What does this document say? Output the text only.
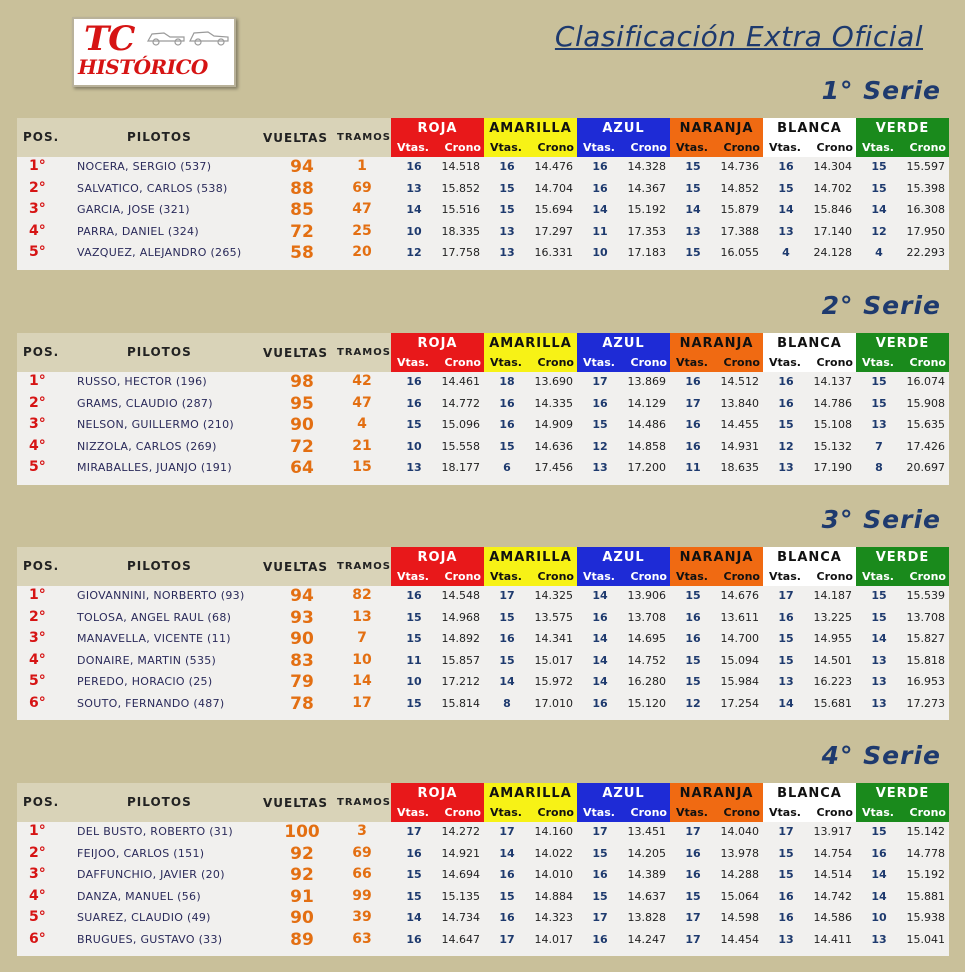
TC
HISTÓRICO
Clasificación Extra Oficial
1° Serie
POS.	PILOTOS	VUELTAS TRAMOS
ROJA
Vtas. Crono
AMARILLA
Vtas. Crono
AZUL
Vtas. Crono
NARANJA
Vtas. Crono
BLANCA
Vtas. Crono
VERDE
Vtas. Crono
1°	NOCERA, SERGIO (537)	94	1	16	14.518	16	14.476	16	14.328	15	14.736	16	14.304	15	15.597
2°	SALVATICO, CARLOS (538)	88	69	13	15.852	15	14.704	16	14.367	15	14.852	15	14.702	15	15.398
3°	GARCIA, JOSE (321)	85	47	14	15.516	15	15.694	14	15.192	14	15.879	14	15.846	14	16.308
4°	PARRA, DANIEL (324)	72	25	10	18.335	13	17.297	11	17.353	13	17.388	13	17.140	12	17.950
5°	VAZQUEZ, ALEJANDRO (265)	58	20	12	17.758	13	16.331	10	17.183	15	16.055	4	24.128	4	22.293
2° Serie
POS.	PILOTOS	VUELTAS TRAMOS
ROJA
Vtas. Crono
AMARILLA
Vtas. Crono
AZUL
Vtas. Crono
NARANJA
Vtas. Crono
BLANCA
Vtas. Crono
VERDE
Vtas. Crono
1°	RUSSO, HECTOR (196)	98	42	16	14.461	18	13.690	17	13.869	16	14.512	16	14.137	15	16.074
2°	GRAMS, CLAUDIO (287)	95	47	16	14.772	16	14.335	16	14.129	17	13.840	16	14.786	15	15.908
3°	NELSON, GUILLERMO (210)	90	4	15	15.096	16	14.909	15	14.486	16	14.455	15	15.108	13	15.635
4°	NIZZOLA, CARLOS (269)	72	21	10	15.558	15	14.636	12	14.858	16	14.931	12	15.132	7	17.426
5°	MIRABALLES, JUANJO (191)	64	15	13	18.177	6	17.456	13	17.200	11	18.635	13	17.190	8	20.697
3° Serie
POS.	PILOTOS	VUELTAS TRAMOS
ROJA
Vtas. Crono
AMARILLA
Vtas. Crono
AZUL
Vtas. Crono
NARANJA
Vtas. Crono
BLANCA
Vtas. Crono
VERDE
Vtas. Crono
1°	GIOVANNINI, NORBERTO (93)	94	82	16	14.548	17	14.325	14	13.906	15	14.676	17	14.187	15	15.539
2°	TOLOSA, ANGEL RAUL (68)	93	13	15	14.968	15	13.575	16	13.708	16	13.611	16	13.225	15	13.708
3°	MANAVELLA, VICENTE (11)	90	7	15	14.892	16	14.341	14	14.695	16	14.700	15	14.955	14	15.827
4°	DONAIRE, MARTIN (535)	83	10	11	15.857	15	15.017	14	14.752	15	15.094	15	14.501	13	15.818
5°	PEREDO, HORACIO (25)	79	14	10	17.212	14	15.972	14	16.280	15	15.984	13	16.223	13	16.953
6°	SOUTO, FERNANDO (487)	78	17	15	15.814	8	17.010	16	15.120	12	17.254	14	15.681	13	17.273
4° Serie
POS.	PILOTOS	VUELTAS TRAMOS
ROJA
Vtas. Crono
AMARILLA
Vtas. Crono
AZUL
Vtas. Crono
NARANJA
Vtas. Crono
BLANCA
Vtas. Crono
VERDE
Vtas. Crono
1°	DEL BUSTO, ROBERTO (31)	100	3	17	14.272	17	14.160	17	13.451	17	14.040	17	13.917	15	15.142
2°	FEIJOO, CARLOS (151)	92	69	16	14.921	14	14.022	15	14.205	16	13.978	15	14.754	16	14.778
3°	DAFFUNCHIO, JAVIER (20)	92	66	15	14.694	16	14.010	16	14.389	16	14.288	15	14.514	14	15.192
4°	DANZA, MANUEL (56)	91	99	15	15.135	15	14.884	15	14.637	15	15.064	16	14.742	14	15.881
5°	SUAREZ, CLAUDIO (49)	90	39	14	14.734	16	14.323	17	13.828	17	14.598	16	14.586	10	15.938
6°	BRUGUES, GUSTAVO (33)	89	63	16	14.647	17	14.017	16	14.247	17	14.454	13	14.411	13	15.041
